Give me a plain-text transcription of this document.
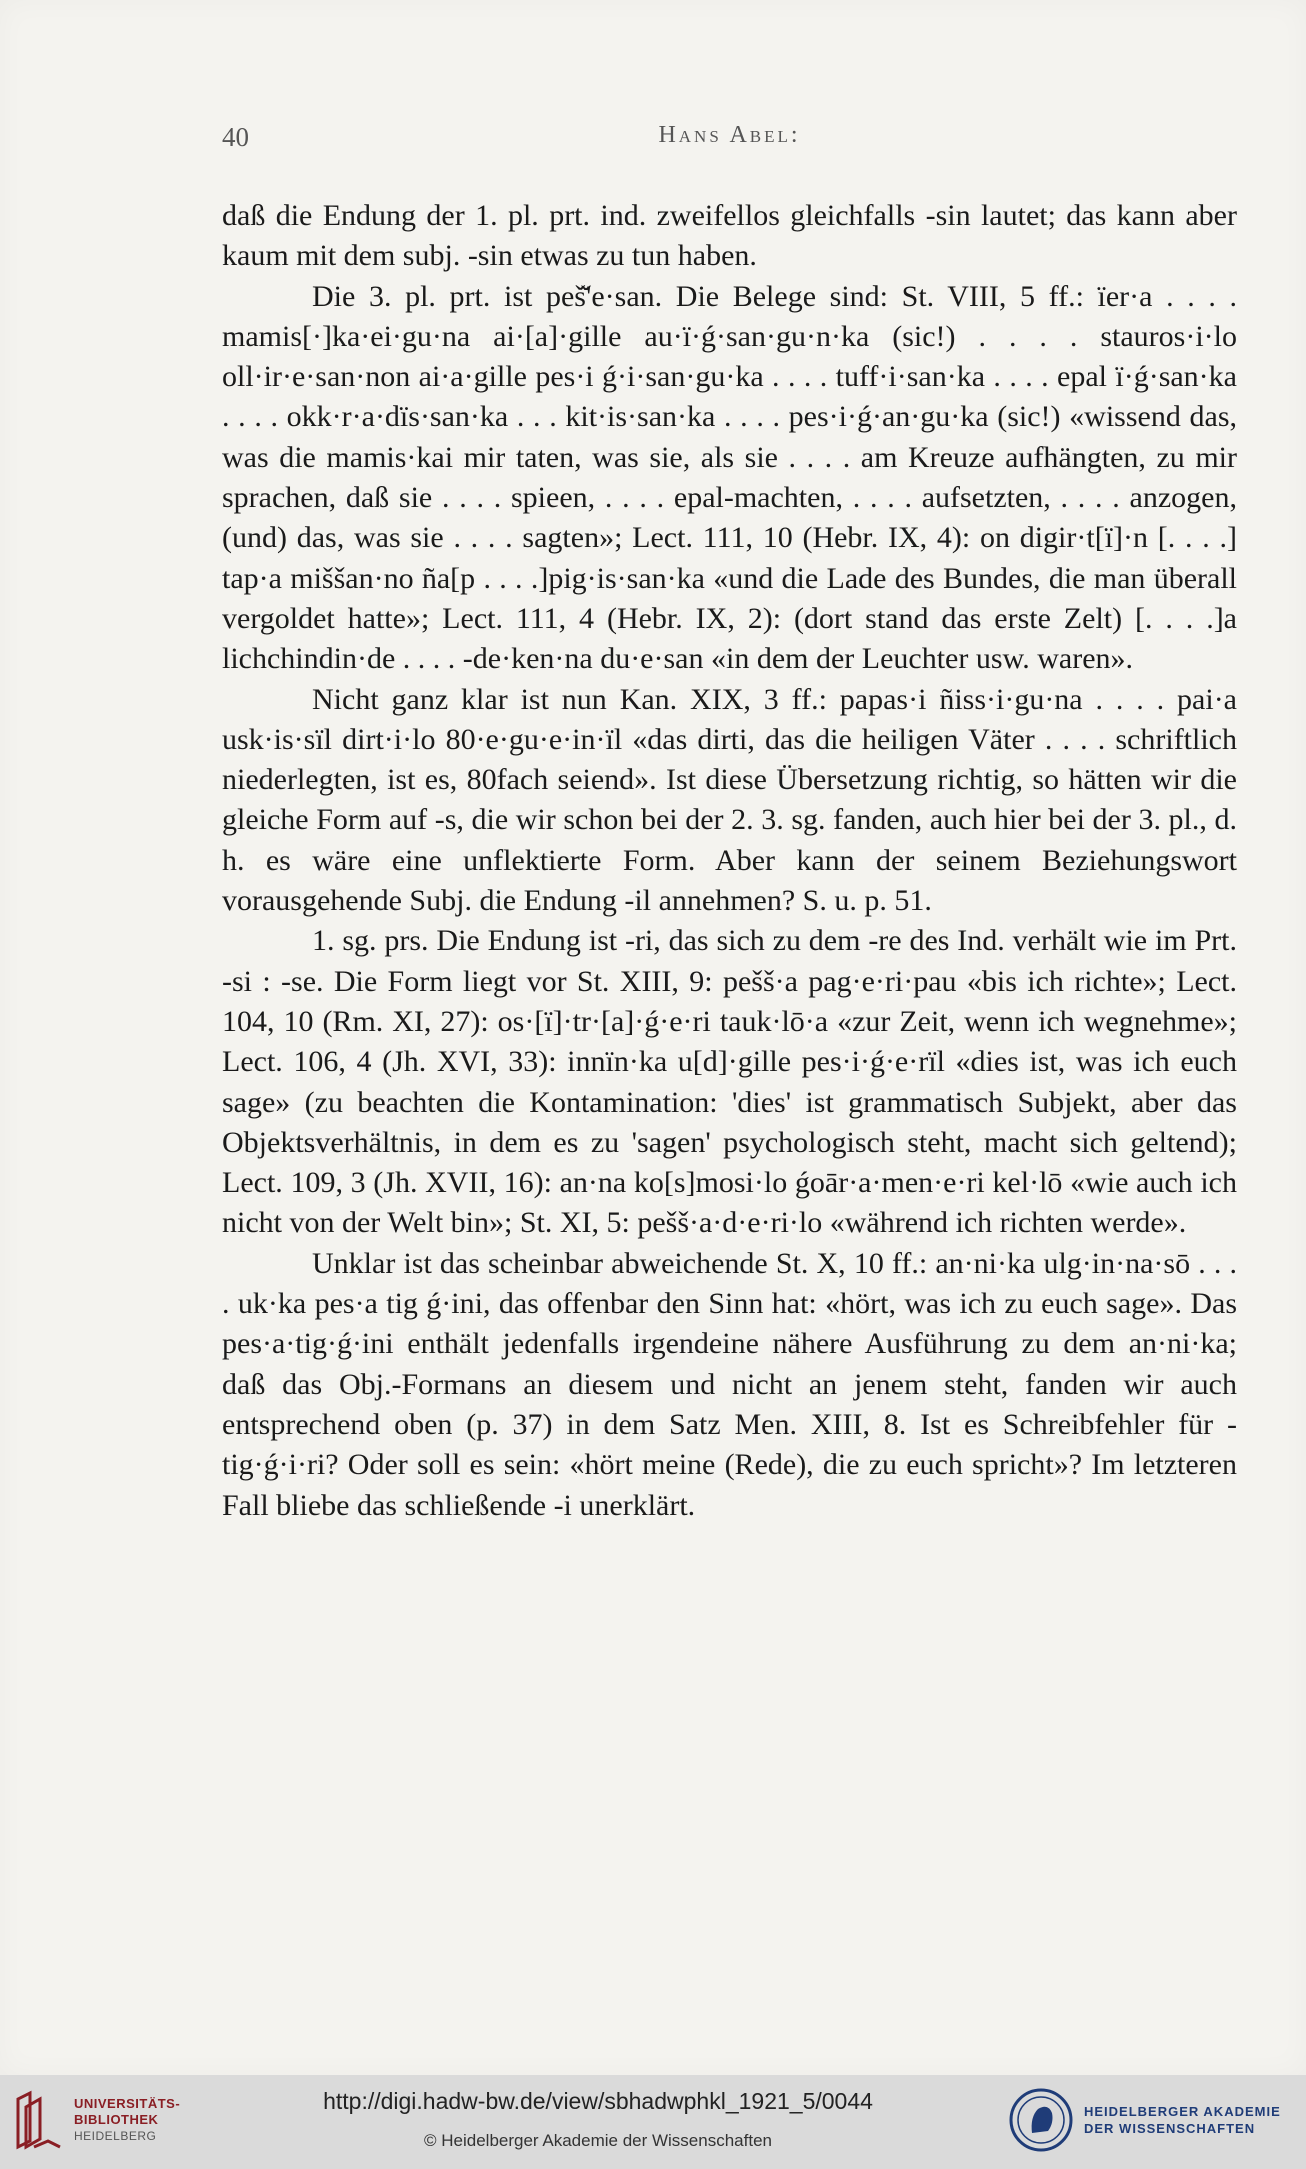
40	Hans Abel:

daß die Endung der 1. pl. prt. ind. zweifellos gleichfalls -sin lautet; das kann aber kaum mit dem subj. -sin etwas zu tun haben.

Die 3. pl. prt. ist peš̌'e·san. Die Belege sind: St. VIII, 5 ff.: ïer·a . . . . mamis[·]ka·ei·gu·na ai·[a]·gille au·ï·ǵ·san·gu·n·ka (sic!) . . . . stauros·i·lo oll·ir·e·san·non ai·a·gille pes·i ǵ·i·san·gu·ka . . . . tuff·i·san·ka . . . . epal ï·ǵ·san·ka . . . . okk·r·a·dïs·san·ka . . . kit·is·san·ka . . . . pes·i·ǵ·an·gu·ka (sic!) «wissend das, was die mamis·kai mir taten, was sie, als sie . . . . am Kreuze aufhängten, zu mir sprachen, daß sie . . . . spieen, . . . . epal-machten, . . . . aufsetzten, . . . . anzogen, (und) das, was sie . . . . sagten»; Lect. 111, 10 (Hebr. IX, 4): on digir·t[ï]·n [. . . .] tap·a miššan·no ña[p . . . .]pig·is·san·ka «und die Lade des Bundes, die man überall vergoldet hatte»; Lect. 111, 4 (Hebr. IX, 2): (dort stand das erste Zelt) [. . . .]a lichchindin·de . . . . -de·ken·na du·e·san «in dem der Leuchter usw. waren».

Nicht ganz klar ist nun Kan. XIX, 3 ff.: papas·i ñiss·i·gu·na . . . . pai·a usk·is·sïl dirt·i·lo 80·e·gu·e·in·ïl «das dirti, das die heiligen Väter . . . . schriftlich niederlegten, ist es, 80fach seiend». Ist diese Übersetzung richtig, so hätten wir die gleiche Form auf -s, die wir schon bei der 2. 3. sg. fanden, auch hier bei der 3. pl., d. h. es wäre eine unflektierte Form. Aber kann der seinem Beziehungswort vorausgehende Subj. die Endung -il annehmen? S. u. p. 51.

1. sg. prs. Die Endung ist -ri, das sich zu dem -re des Ind. verhält wie im Prt. -si : -se. Die Form liegt vor St. XIII, 9: pešš·a pag·e·ri·pau «bis ich richte»; Lect. 104, 10 (Rm. XI, 27): os·[ï]·tr·[a]·ǵ·e·ri tauk·lō·a «zur Zeit, wenn ich wegnehme»; Lect. 106, 4 (Jh. XVI, 33): innïn·ka u[d]·gille pes·i·ǵ·e·rïl «dies ist, was ich euch sage» (zu beachten die Kontamination: 'dies' ist grammatisch Subjekt, aber das Objektsverhältnis, in dem es zu 'sagen' psychologisch steht, macht sich geltend); Lect. 109, 3 (Jh. XVII, 16): an·na ko[s]mosi·lo ǵoār·a·men·e·ri kel·lō «wie auch ich nicht von der Welt bin»; St. XI, 5: pešš·a·d·e·ri·lo «während ich richten werde».

Unklar ist das scheinbar abweichende St. X, 10 ff.: an·ni·ka ulg·in·na·sō . . . . uk·ka pes·a tig ǵ·ini, das offenbar den Sinn hat: «hört, was ich zu euch sage». Das pes·a·tig·ǵ·ini enthält jedenfalls irgendeine nähere Ausführung zu dem an·ni·ka; daß das Obj.-Formans an diesem und nicht an jenem steht, fanden wir auch entsprechend oben (p. 37) in dem Satz Men. XIII, 8. Ist es Schreibfehler für -tig·ǵ·i·ri? Oder soll es sein: «hört meine (Rede), die zu euch spricht»? Im letzteren Fall bliebe das schließende -i unerklärt.

UNIVERSITÄTS-
BIBLIOTHEK
HEIDELBERG
http://digi.hadw-bw.de/view/sbhadwphkl_1921_5/0044
© Heidelberger Akademie der Wissenschaften
HEIDELBERGER AKADEMIE
DER WISSENSCHAFTEN
